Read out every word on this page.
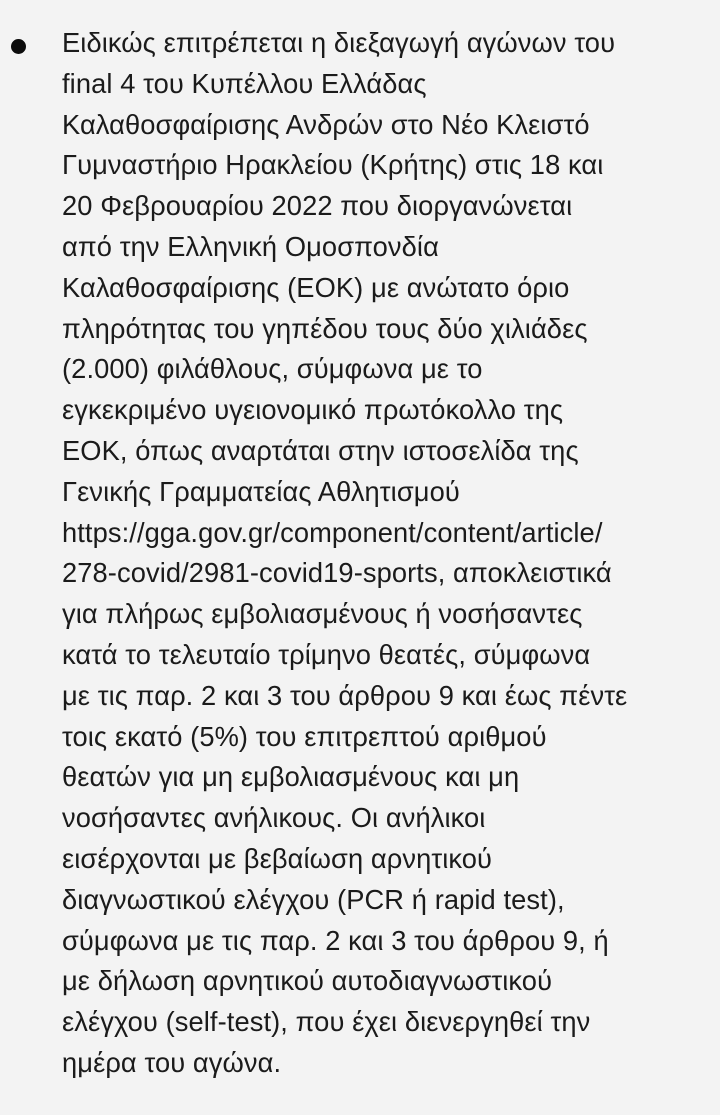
Ειδικώς επιτρέπεται η διεξαγωγή αγώνων του
final 4 του Κυπέλλου Ελλάδας
Καλαθοσφαίρισης Ανδρών στο Νέο Κλειστό
Γυμναστήριο Ηρακλείου (Κρήτης) στις 18 και
20 Φεβρουαρίου 2022 που διοργανώνεται
από την Ελληνική Ομοσπονδία
Καλαθοσφαίρισης (ΕΟΚ) με ανώτατο όριο
πληρότητας του γηπέδου τους δύο χιλιάδες
(2.000) φιλάθλους, σύμφωνα με το
εγκεκριμένο υγειονομικό πρωτόκολλο της
ΕΟΚ, όπως αναρτάται στην ιστοσελίδα της
Γενικής Γραμματείας Αθλητισμού
https://gga.gov.gr/component/content/article/
278-covid/2981-covid19-sports, αποκλειστικά
για πλήρως εμβολιασμένους ή νοσήσαντες
κατά το τελευταίο τρίμηνο θεατές, σύμφωνα
με τις παρ. 2 και 3 του άρθρου 9 και έως πέντε
τοις εκατό (5%) του επιτρεπτού αριθμού
θεατών για μη εμβολιασμένους και μη
νοσήσαντες ανήλικους. Οι ανήλικοι
εισέρχονται με βεβαίωση αρνητικού
διαγνωστικού ελέγχου (PCR ή rapid test),
σύμφωνα με τις παρ. 2 και 3 του άρθρου 9, ή
με δήλωση αρνητικού αυτοδιαγνωστικού
ελέγχου (self-test), που έχει διενεργηθεί την
ημέρα του αγώνα.
